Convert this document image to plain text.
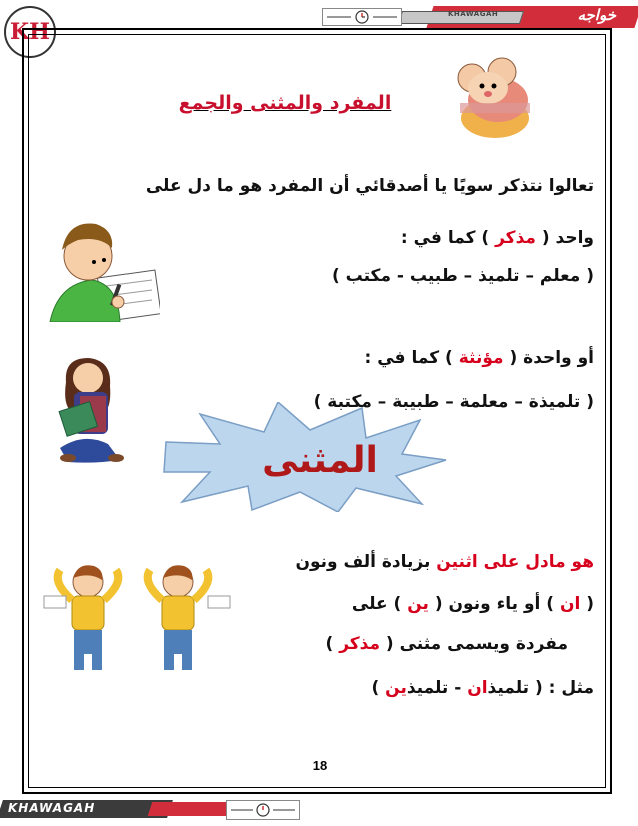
KHAWAGAH	خواجه
KH
المفرد والمثنى والجمع
تعالوا نتذكر سويًا يا أصدقائي أن المفرد هو ما دل على
واحد ( مذكر ) كما في :
( معلم – تلميذ – طبيب - مكتب )
أو واحدة ( مؤنثة ) كما في :
( تلميذة – معلمة – طبيبة – مكتبة )
المثنى
هو مادل على اثنين بزيادة ألف ونون
( ان ) أو ياء ونون ( ين ) على
مفردة ويسمى مثنى ( مذكر )
مثل : ( تلميذان - تلميذين )
18
KHAWAGAH
